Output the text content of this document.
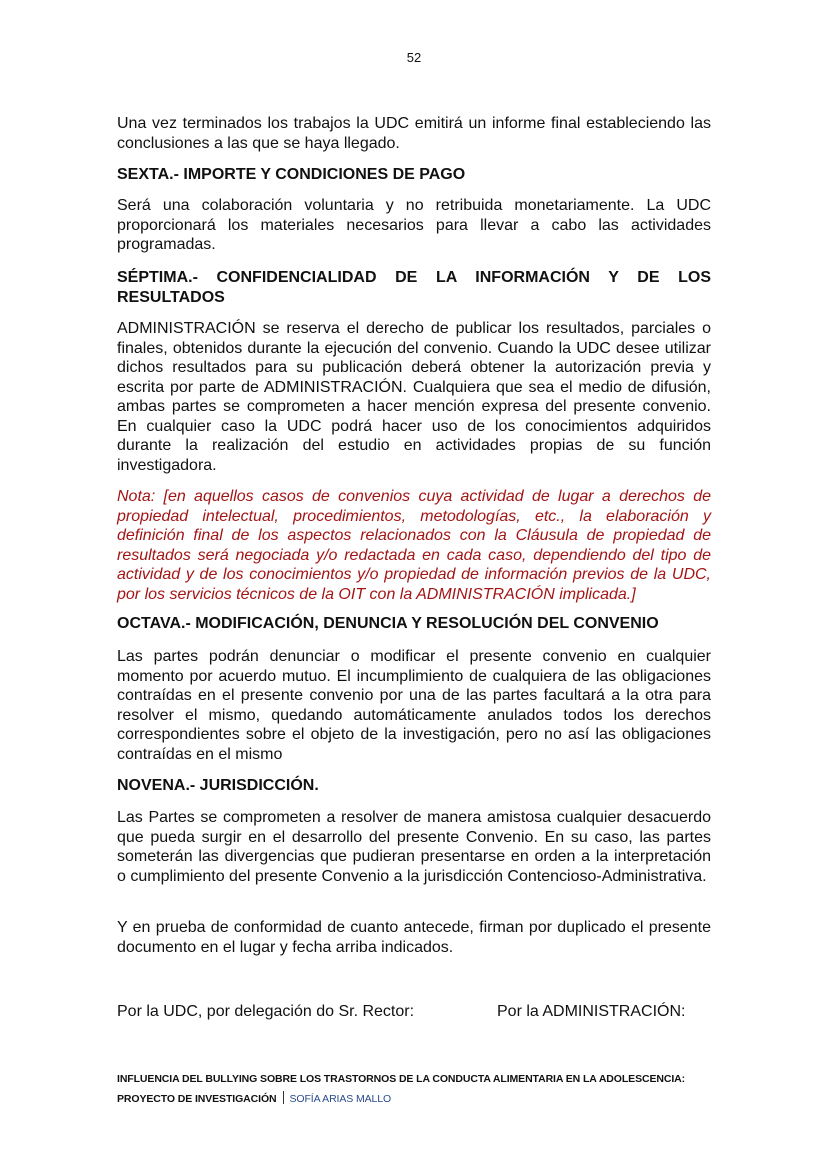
52

Una vez terminados los trabajos la UDC emitirá un informe final estableciendo las conclusiones a las que se haya llegado.

SEXTA.- IMPORTE Y CONDICIONES DE PAGO

Será una colaboración voluntaria y no retribuida monetariamente. La UDC proporcionará los materiales necesarios para llevar a cabo las actividades programadas.

SÉPTIMA.- CONFIDENCIALIDAD DE LA INFORMACIÓN Y DE LOS RESULTADOS

ADMINISTRACIÓN se reserva el derecho de publicar los resultados, parciales o finales, obtenidos durante la ejecución del convenio. Cuando la UDC desee utilizar dichos resultados para su publicación deberá obtener la autorización previa y escrita por parte de ADMINISTRACIÓN. Cualquiera que sea el medio de difusión, ambas partes se comprometen a hacer mención expresa del presente convenio. En cualquier caso la UDC podrá hacer uso de los conocimientos adquiridos durante la realización del estudio en actividades propias de su función investigadora.

Nota: [en aquellos casos de convenios cuya actividad de lugar a derechos de propiedad intelectual, procedimientos, metodologías, etc., la elaboración y definición final de los aspectos relacionados con la Cláusula de propiedad de resultados será negociada y/o redactada en cada caso, dependiendo del tipo de actividad y de los conocimientos y/o propiedad de información previos de la UDC, por los servicios técnicos de la OIT con la ADMINISTRACIÓN implicada.]

OCTAVA.- MODIFICACIÓN, DENUNCIA Y RESOLUCIÓN DEL CONVENIO

Las partes podrán denunciar o modificar el presente convenio en cualquier momento por acuerdo mutuo. El incumplimiento de cualquiera de las obligaciones contraídas en el presente convenio por una de las partes facultará a la otra para resolver el mismo, quedando automáticamente anulados todos los derechos correspondientes sobre el objeto de la investigación, pero no así las obligaciones contraídas en el mismo

NOVENA.- JURISDICCIÓN.

Las Partes se comprometen a resolver de manera amistosa cualquier desacuerdo que pueda surgir en el desarrollo del presente Convenio. En su caso, las partes someterán las divergencias que pudieran presentarse en orden a la interpretación o cumplimiento del presente Convenio a la jurisdicción Contencioso-Administrativa.

Y en prueba de conformidad de cuanto antecede, firman por duplicado el presente documento en el lugar y fecha arriba indicados.

Por la UDC, por delegación do Sr. Rector:	Por la ADMINISTRACIÓN:
INFLUENCIA DEL BULLYING SOBRE LOS TRASTORNOS DE LA CONDUCTA ALIMENTARIA EN LA ADOLESCENCIA:
PROYECTO DE INVESTIGACIÓN SOFÍA ARIAS MALLO
